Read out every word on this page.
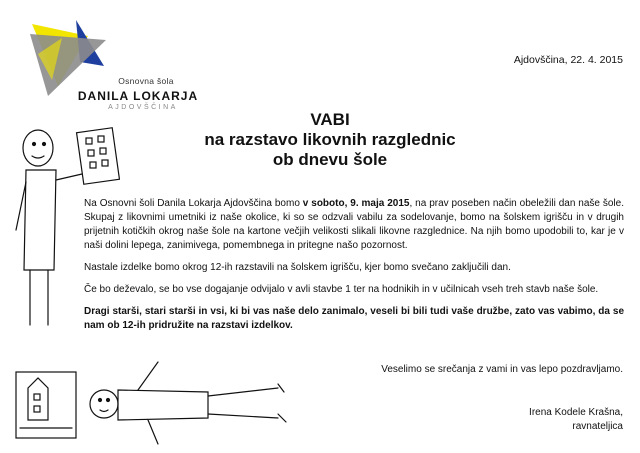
Osnovna šola
DANILA LOKARJA
AJDOVŠČINA
Ajdovščina, 22. 4. 2015
VABI
na razstavo likovnih razglednic
ob dnevu šole

Na Osnovni šoli Danila Lokarja Ajdovščina bomo v soboto, 9. maja 2015, na prav poseben način obeležili dan naše šole. Skupaj z likovnimi umetniki iz naše okolice, ki so se odzvali vabilu za sodelovanje, bomo na šolskem igrišču in v drugih prijetnih kotičkih okrog naše šole na kartone večjih velikosti slikali likovne razglednice. Na njih bomo upodobili to, kar je v naši dolini lepega, zanimivega, pomembnega in pritegne našo pozornost.

Nastale izdelke bomo okrog 12-ih razstavili na šolskem igrišču, kjer bomo svečano zaključili dan.

Če bo deževalo, se bo vse dogajanje odvijalo v avli stavbe 1 ter na hodnikih in v učilnicah vseh treh stavb naše šole.

Dragi starši, stari starši in vsi, ki bi vas naše delo zanimalo, veseli bi bili tudi vaše družbe, zato vas vabimo, da se nam ob 12-ih pridružite na razstavi izdelkov.

Veselimo se srečanja z vami in vas lepo pozdravljamo.
Irena Kodele Krašna,
ravnateljica
